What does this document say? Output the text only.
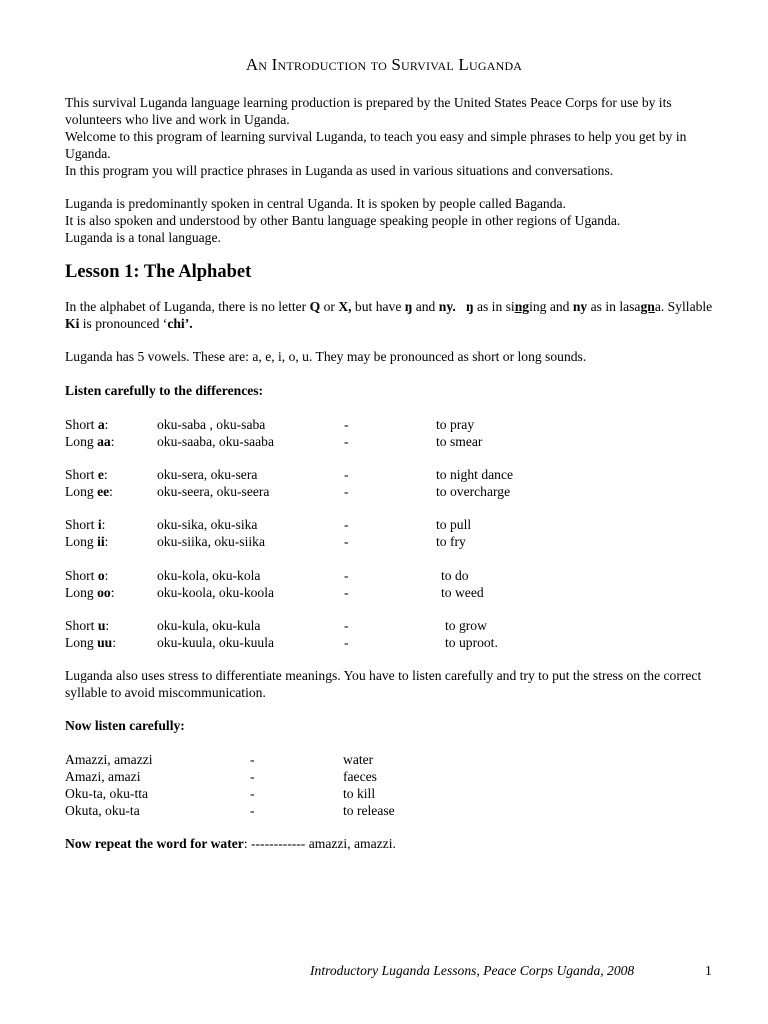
An Introduction to Survival Luganda
This survival Luganda language learning production is prepared by the United States Peace Corps for use by its volunteers who live and work in Uganda.
Welcome to this program of learning survival Luganda, to teach you easy and simple phrases to help you get by in Uganda.
In this program you will practice phrases in Luganda as used in various situations and conversations.
Luganda is predominantly spoken in central Uganda. It is spoken by people called Baganda.
It is also spoken and understood by other Bantu language speaking people in other regions of Uganda.
Luganda is a tonal language.
Lesson 1: The Alphabet
In the alphabet of Luganda, there is no letter Q or X, but have ŋ and ny. ŋ as in singing and ny as in lasagna. Syllable Ki is pronounced ‘chi’.
Luganda has 5 vowels. These are: a, e, i, o, u. They may be pronounced as short or long sounds.
Listen carefully to the differences:
Short a:	oku-saba , oku-saba	-	to pray
Long aa:	oku-saaba, oku-saaba	-	to smear
Short e:	oku-sera, oku-sera	-	to night dance
Long ee:	oku-seera, oku-seera	-	to overcharge
Short i:	oku-sika, oku-sika	-	to pull
Long ii:	oku-siika, oku-siika	-	to fry
Short o:	oku-kola, oku-kola	-	to do
Long oo:	oku-koola, oku-koola	-	to weed
Short u:	oku-kula, oku-kula	-	to grow
Long uu:	oku-kuula, oku-kuula	-	to uproot.
Luganda also uses stress to differentiate meanings. You have to listen carefully and try to put the stress on the correct syllable to avoid miscommunication.
Now listen carefully:
Amazzi, amazzi	-	water
Amazi, amazi	-	faeces
Oku-ta, oku-tta	-	to kill
Okuta, oku-ta	-	to release
Now repeat the word for water: ------------ amazzi, amazzi.
Introductory Luganda Lessons, Peace Corps Uganda, 2008	1
